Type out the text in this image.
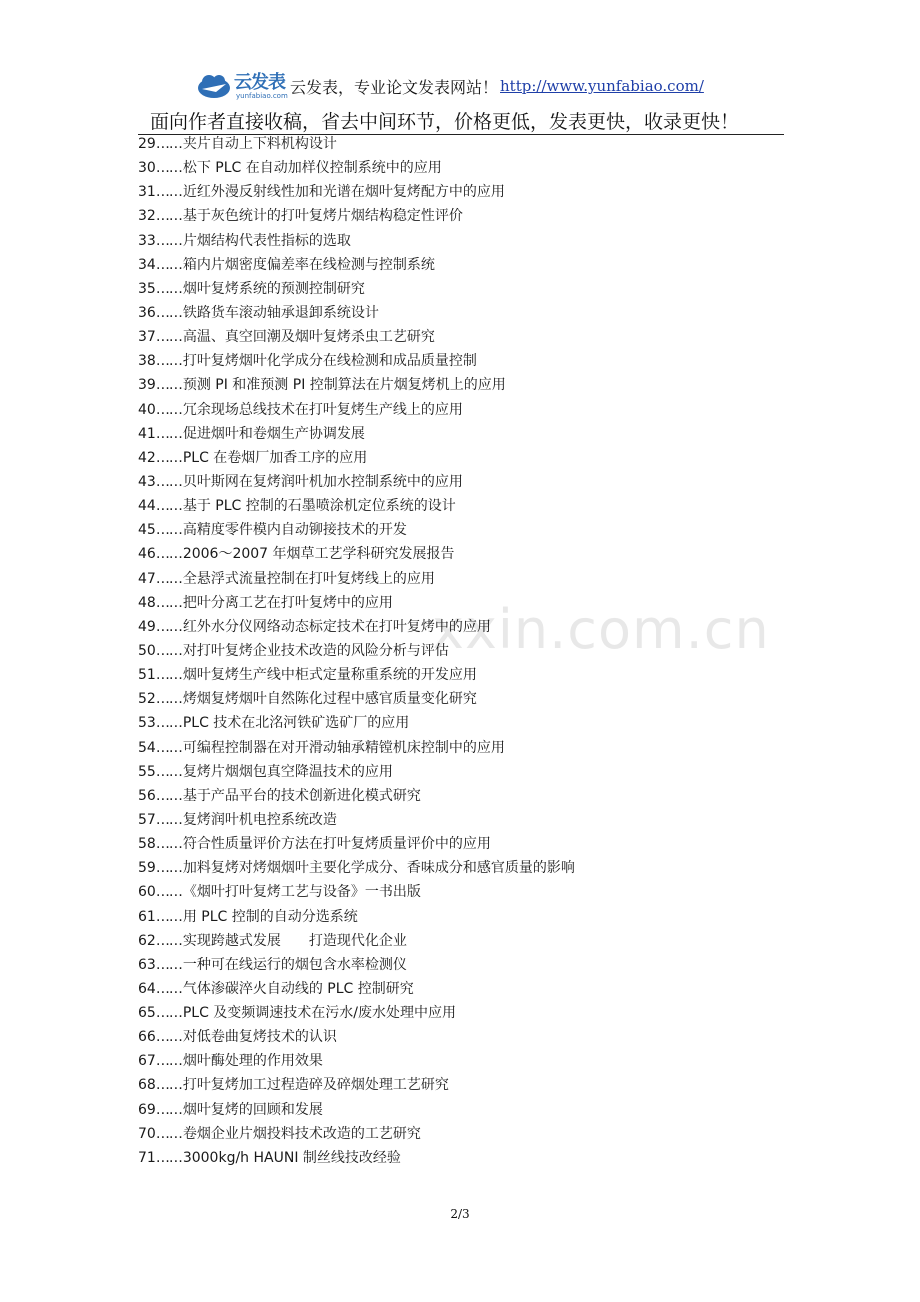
云发表
yunfabiao.com 云发表，专业论文发表网站！ http://www.yunfabiao.com/
面向作者直接收稿，省去中间环节，价格更低，发表更快，收录更快！
29……夹片自动上下料机构设计
30……松下 PLC 在自动加样仪控制系统中的应用
31……近红外漫反射线性加和光谱在烟叶复烤配方中的应用
32……基于灰色统计的打叶复烤片烟结构稳定性评价
33……片烟结构代表性指标的选取
34……箱内片烟密度偏差率在线检测与控制系统
35……烟叶复烤系统的预测控制研究
36……铁路货车滚动轴承退卸系统设计
37……高温、真空回潮及烟叶复烤杀虫工艺研究
38……打叶复烤烟叶化学成分在线检测和成品质量控制
39……预测 PI 和准预测 PI 控制算法在片烟复烤机上的应用
40……冗余现场总线技术在打叶复烤生产线上的应用
41……促进烟叶和卷烟生产协调发展
42……PLC 在卷烟厂加香工序的应用
43……贝叶斯网在复烤润叶机加水控制系统中的应用
44……基于 PLC 控制的石墨喷涂机定位系统的设计
45……高精度零件模内自动铆接技术的开发
46……2006～2007 年烟草工艺学科研究发展报告
47……全悬浮式流量控制在打叶复烤线上的应用
48……把叶分离工艺在打叶复烤中的应用
49……红外水分仪网络动态标定技术在打叶复烤中的应用
50……对打叶复烤企业技术改造的风险分析与评估
51……烟叶复烤生产线中柜式定量称重系统的开发应用
52……烤烟复烤烟叶自然陈化过程中感官质量变化研究
53……PLC 技术在北洺河铁矿选矿厂的应用
54……可编程控制器在对开滑动轴承精镗机床控制中的应用
55……复烤片烟烟包真空降温技术的应用
56……基于产品平台的技术创新进化模式研究
57……复烤润叶机电控系统改造
58……符合性质量评价方法在打叶复烤质量评价中的应用
59……加料复烤对烤烟烟叶主要化学成分、香味成分和感官质量的影响
60……《烟叶打叶复烤工艺与设备》一书出版
61……用 PLC 控制的自动分选系统
62……实现跨越式发展　　打造现代化企业
63……一种可在线运行的烟包含水率检测仪
64……气体渗碳淬火自动线的 PLC 控制研究
65……PLC 及变频调速技术在污水/废水处理中应用
66……对低卷曲复烤技术的认识
67……烟叶酶处理的作用效果
68……打叶复烤加工过程造碎及碎烟处理工艺研究
69……烟叶复烤的回顾和发展
70……卷烟企业片烟投料技术改造的工艺研究
71……3000kg/h HAUNI 制丝线技改经验
xxin.com.cn
2/3
